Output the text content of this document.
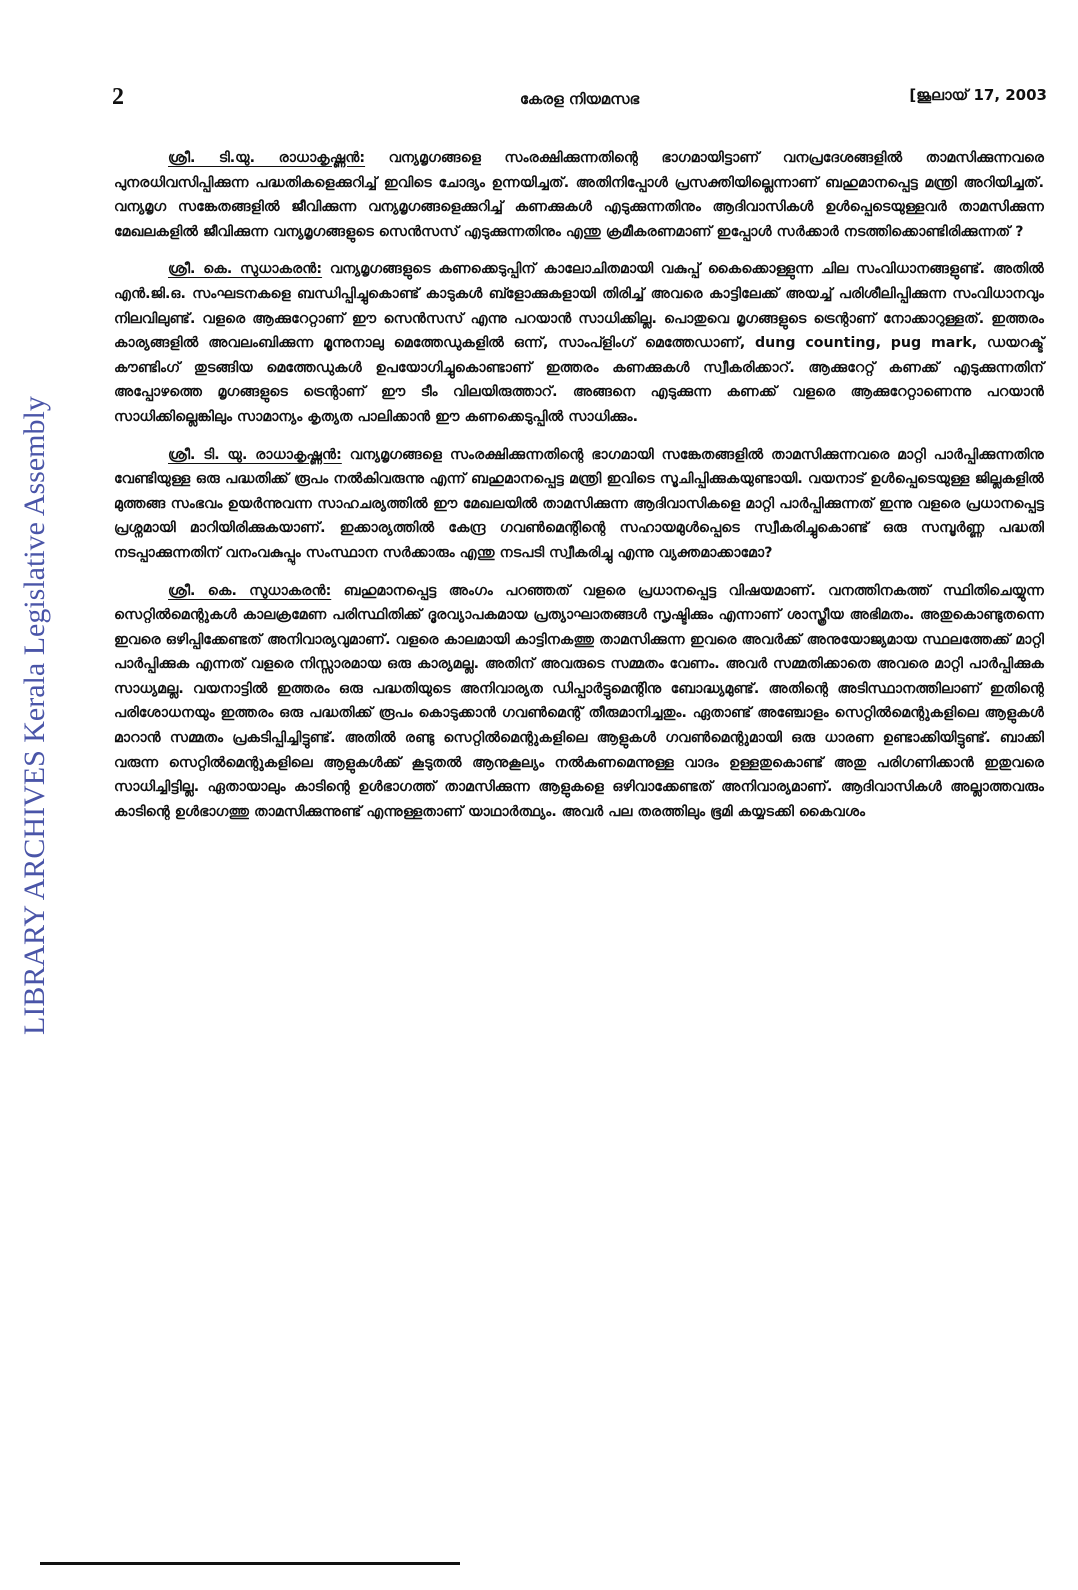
LIBRARY ARCHIVES Kerala Legislative Assembly
2	കേരള നിയമസഭ	[ജൂലായ് 17, 2003

ശ്രീ. ടി.യു. രാധാകൃഷ്ണൻ: വന്യമൃഗങ്ങളെ സംരക്ഷിക്കുന്നതിന്റെ ഭാഗമായിട്ടാണ് വനപ്രദേശങ്ങളിൽ താമസിക്കുന്നവരെ പുനരധിവസിപ്പിക്കുന്ന പദ്ധതികളെക്കുറിച്ച് ഇവിടെ ചോദ്യം ഉന്നയിച്ചത്. അതിനിപ്പോൾ പ്രസക്തിയില്ലെന്നാണ് ബഹുമാനപ്പെട്ട മന്ത്രി അറിയിച്ചത്. വന്യമൃഗ സങ്കേതങ്ങളിൽ ജീവിക്കുന്ന വന്യമൃഗങ്ങളെക്കുറിച്ച് കണക്കുകൾ എടുക്കുന്നതിനും ആദിവാസികൾ ഉൾപ്പെടെയുള്ളവർ താമസിക്കുന്ന മേഖലകളിൽ ജീവിക്കുന്ന വന്യമൃഗങ്ങളുടെ സെൻസസ് എടുക്കുന്നതിനും എന്തു ക്രമീകരണമാണ് ഇപ്പോൾ സർക്കാർ നടത്തിക്കൊണ്ടിരിക്കുന്നത് ?

ശ്രീ. കെ. സുധാകരൻ: വന്യമൃഗങ്ങളുടെ കണക്കെടുപ്പിന് കാലോചിതമായി വകുപ്പ് കൈക്കൊള്ളുന്ന ചില സംവിധാനങ്ങളുണ്ട്. അതിൽ എൻ.ജി.ഒ. സംഘടനകളെ ബന്ധിപ്പിച്ചുകൊണ്ട് കാടുകൾ ബ്ളോക്കുകളായി തിരിച്ച് അവരെ കാട്ടിലേക്ക് അയച്ച് പരിശീലിപ്പിക്കുന്ന സംവിധാനവും നിലവിലുണ്ട്. വളരെ ആക്കുറേറ്റാണ് ഈ സെൻസസ് എന്നു പറയാൻ സാധിക്കില്ല. പൊതുവെ മൃഗങ്ങളുടെ ട്രെന്റാണ് നോക്കാറുള്ളത്. ഇത്തരം കാര്യങ്ങളിൽ അവലംബിക്കുന്ന മൂന്നുനാലു മെത്തേഡുകളിൽ ഒന്ന്, സാംപ്ളിംഗ് മെത്തേഡാണ്, dung counting, pug mark, ഡയറക്ട് കൗണ്ടിംഗ് തുടങ്ങിയ മെത്തേഡുകൾ ഉപയോഗിച്ചുകൊണ്ടാണ് ഇത്തരം കണക്കുകൾ സ്വീകരിക്കാറ്. ആക്കുറേറ്റ് കണക്ക് എടുക്കുന്നതിന് അപ്പോഴത്തെ മൃഗങ്ങളുടെ ട്രെന്റാണ് ഈ ടീം വിലയിരുത്താറ്. അങ്ങനെ എടുക്കുന്ന കണക്ക് വളരെ ആക്കുറേറ്റാണെന്നു പറയാൻ സാധിക്കില്ലെങ്കിലും സാമാന്യം കൃത്യത പാലിക്കാൻ ഈ കണക്കെടുപ്പിൽ സാധിക്കും.

ശ്രീ. ടി. യു. രാധാകൃഷ്ണൻ: വന്യമൃഗങ്ങളെ സംരക്ഷിക്കുന്നതിന്റെ ഭാഗമായി സങ്കേതങ്ങളിൽ താമസിക്കുന്നവരെ മാറ്റി പാർപ്പിക്കുന്നതിനു വേണ്ടിയുള്ള ഒരു പദ്ധതിക്ക് രൂപം നൽകിവരുന്നു എന്ന് ബഹുമാനപ്പെട്ട മന്ത്രി ഇവിടെ സൂചിപ്പിക്കുകയുണ്ടായി. വയനാട് ഉൾപ്പെടെയുള്ള ജില്ലകളിൽ മുത്തങ്ങ സംഭവം ഉയർന്നുവന്ന സാഹചര്യത്തിൽ ഈ മേഖലയിൽ താമസിക്കുന്ന ആദിവാസികളെ മാറ്റി പാർപ്പിക്കുന്നത് ഇന്നു വളരെ പ്രധാനപ്പെട്ട പ്രശ്നമായി മാറിയിരിക്കുകയാണ്. ഇക്കാര്യത്തിൽ കേന്ദ്ര ഗവൺമെന്റിന്റെ സഹായമുൾപ്പെടെ സ്വീകരിച്ചുകൊണ്ട് ഒരു സമ്പൂർണ്ണ പദ്ധതി നടപ്പാക്കുന്നതിന് വനംവകുപ്പും സംസ്ഥാന സർക്കാരും എന്തു നടപടി സ്വീകരിച്ചു എന്നു വ്യക്തമാക്കാമോ?

ശ്രീ. കെ. സുധാകരൻ: ബഹുമാനപ്പെട്ട അംഗം പറഞ്ഞത് വളരെ പ്രധാനപ്പെട്ട വിഷയമാണ്. വനത്തിനകത്ത് സ്ഥിതിചെയ്യുന്ന സെറ്റിൽമെന്റുകൾ കാലക്രമേണ പരിസ്ഥിതിക്ക് ദൂരവ്യാപകമായ പ്രത്യാഘാതങ്ങൾ സൃഷ്ടിക്കും എന്നാണ് ശാസ്ത്രീയ അഭിമതം. അതുകൊണ്ടുതന്നെ ഇവരെ ഒഴിപ്പിക്കേണ്ടത് അനിവാര്യവുമാണ്. വളരെ കാലമായി കാട്ടിനകത്തു താമസിക്കുന്ന ഇവരെ അവർക്ക് അനുയോജ്യമായ സ്ഥലത്തേക്ക് മാറ്റി പാർപ്പിക്കുക എന്നത് വളരെ നിസ്സാരമായ ഒരു കാര്യമല്ല. അതിന് അവരുടെ സമ്മതം വേണം. അവർ സമ്മതിക്കാതെ അവരെ മാറ്റി പാർപ്പിക്കുക സാധ്യമല്ല. വയനാട്ടിൽ ഇത്തരം ഒരു പദ്ധതിയുടെ അനിവാര്യത ഡിപ്പാർട്ടുമെന്റിനു ബോദ്ധ്യമുണ്ട്. അതിന്റെ അടിസ്ഥാനത്തിലാണ് ഇതിന്റെ പരിശോധനയും ഇത്തരം ഒരു പദ്ധതിക്ക് രൂപം കൊടുക്കാൻ ഗവൺമെന്റ് തീരുമാനിച്ചതും. ഏതാണ്ട് അഞ്ചോളം സെറ്റിൽമെന്റുകളിലെ ആളുകൾ മാറാൻ സമ്മതം പ്രകടിപ്പിച്ചിട്ടുണ്ട്. അതിൽ രണ്ടു സെറ്റിൽമെന്റുകളിലെ ആളുകൾ ഗവൺമെന്റുമായി ഒരു ധാരണ ഉണ്ടാക്കിയിട്ടുണ്ട്. ബാക്കി വരുന്ന സെറ്റിൽമെന്റുകളിലെ ആളുകൾക്ക് കൂടുതൽ ആനുകൂല്യം നൽകണമെന്നുള്ള വാദം ഉള്ളതുകൊണ്ട് അതു പരിഗണിക്കാൻ ഇതുവരെ സാധിച്ചിട്ടില്ല. ഏതായാലും കാടിന്റെ ഉൾഭാഗത്ത് താമസിക്കുന്ന ആളുകളെ ഒഴിവാക്കേണ്ടത് അനിവാര്യമാണ്. ആദിവാസികൾ അല്ലാത്തവരും കാടിന്റെ ഉൾഭാഗത്തു താമസിക്കുന്നുണ്ട് എന്നുള്ളതാണ് യാഥാർത്ഥ്യം. അവർ പല തരത്തിലും ഭൂമി കയ്യടക്കി കൈവശം
